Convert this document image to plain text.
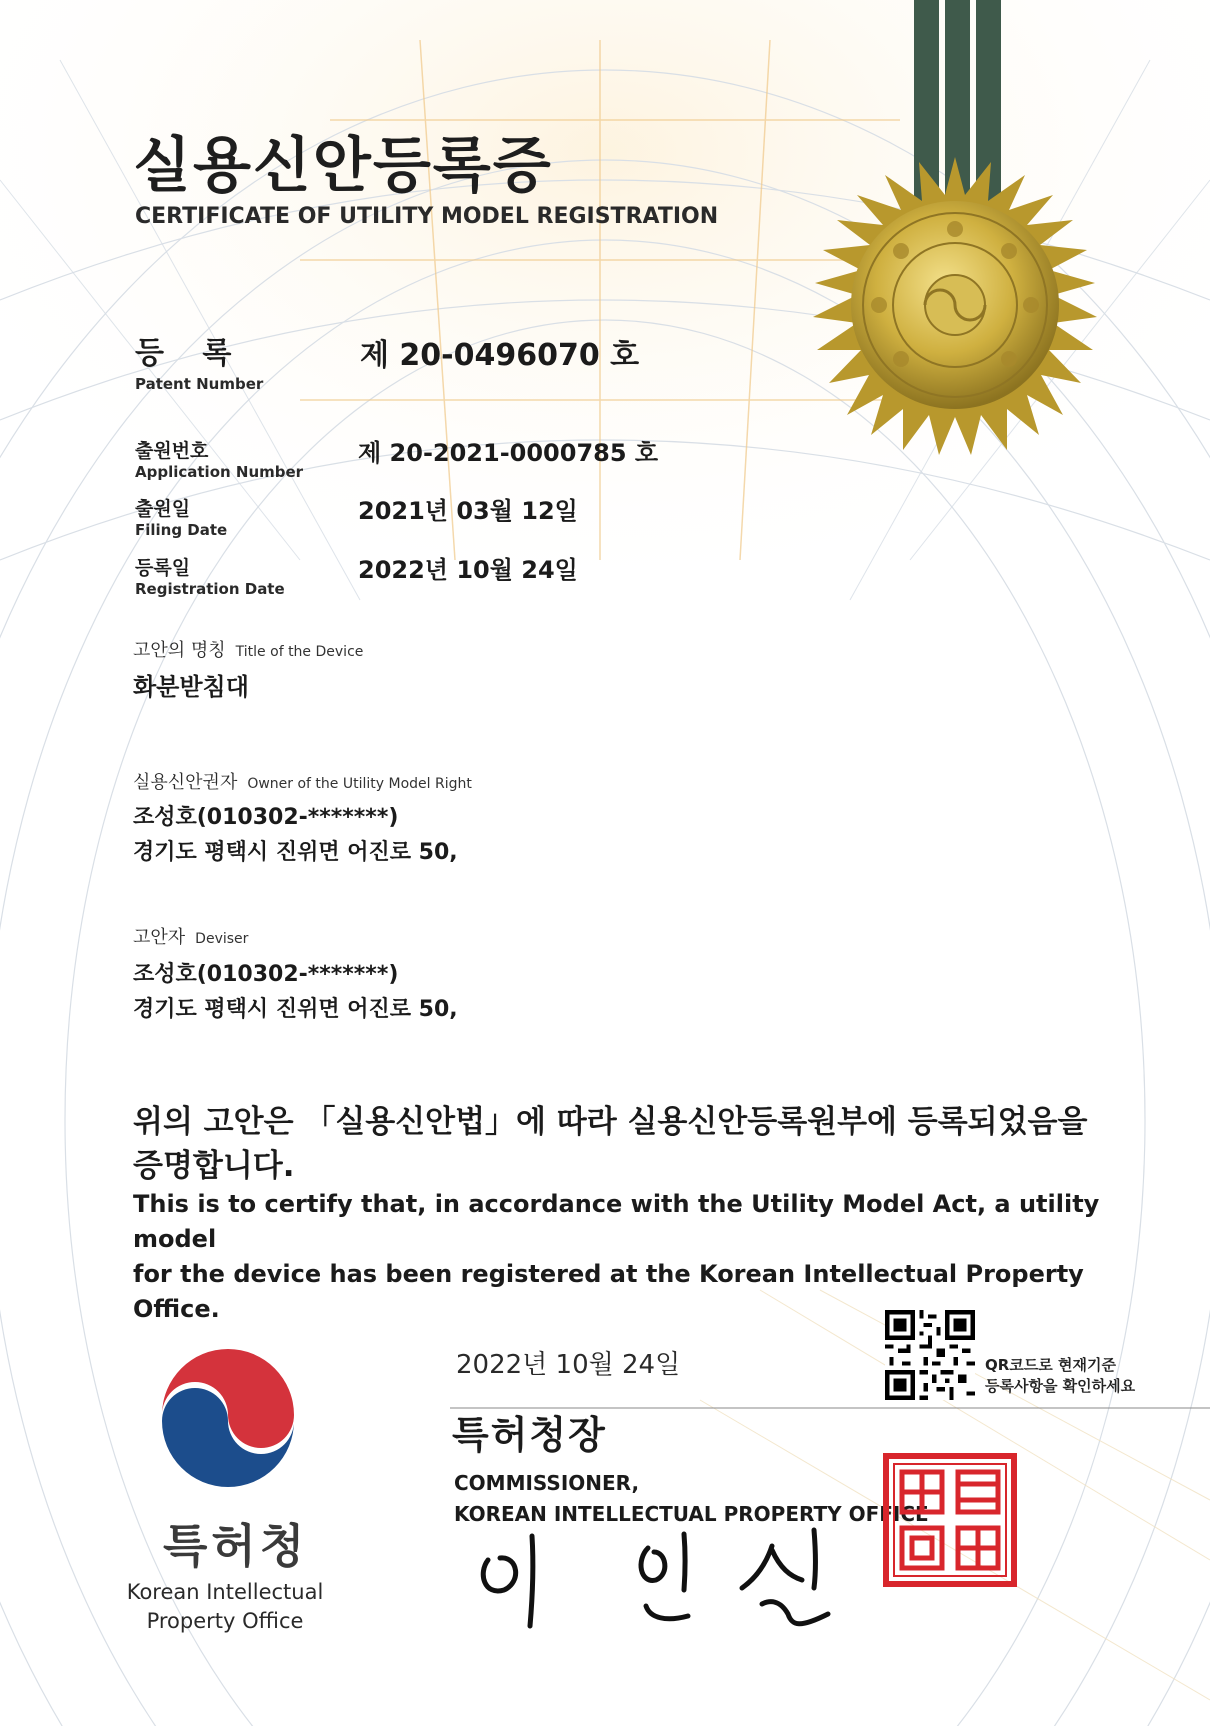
실용신안등록증
CERTIFICATE OF UTILITY MODEL REGISTRATION
등 록
Patent Number
제 20-0496070 호
출원번호
Application Number
제 20-2021-0000785 호
출원일
Filing Date
2021년 03월 12일
등록일
Registration Date
2022년 10월 24일
고안의 명칭 Title of the Device
화분받침대
실용신안권자 Owner of the Utility Model Right
조성호(010302-*******)
경기도 평택시 진위면 어진로 50,
고안자 Deviser
조성호(010302-*******)
경기도 평택시 진위면 어진로 50,
위의 고안은 「실용신안법」에 따라 실용신안등록원부에 등록되었음을
증명합니다.
This is to certify that, in accordance with the Utility Model Act, a utility model
for the device has been registered at the Korean Intellectual Property Office.
특허청
Korean Intellectual
Property Office
2022년 10월 24일
특허청장
COMMISSIONER,
KOREAN INTELLECTUAL PROPERTY OFFICE
QR코드로 현재기준
등록사항을 확인하세요
